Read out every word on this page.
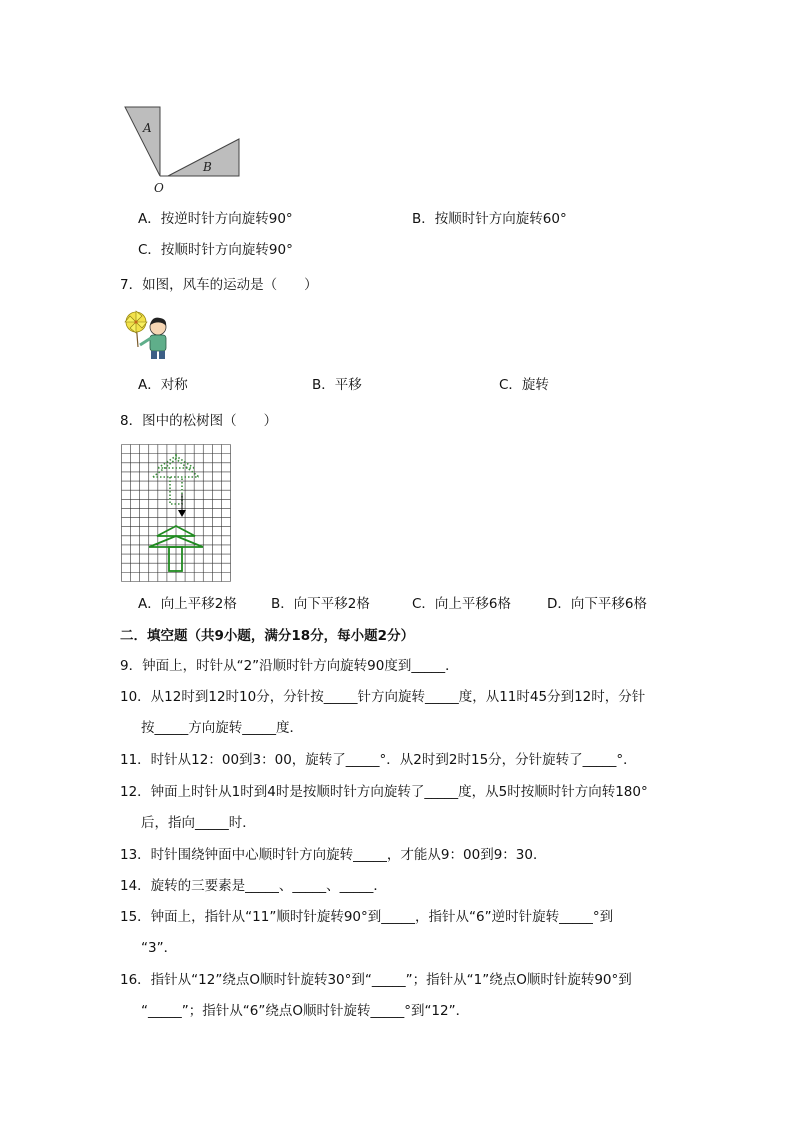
A
B
O
A．按逆时针方向旋转90°	B．按顺时针方向旋转60°
C．按顺时针方向旋转90°
7．如图，风车的运动是（　　）
A．对称	B．平移	C．旋转
8．图中的松树图（　　）
A．向上平移2格	B．向下平移2格	C．向上平移6格	D．向下平移6格
二．填空题（共9小题，满分18分，每小题2分）
9．钟面上，时针从“2”沿顺时针方向旋转90度到_____．
10．从12时到12时10分，分针按_____针方向旋转_____度，从11时45分到12时，分针
按_____方向旋转_____度．
11．时针从12：00到3：00，旋转了_____°．从2时到2时15分，分针旋转了_____°．
12．钟面上时针从1时到4时是按顺时针方向旋转了_____度，从5时按顺时针方向转180°
后，指向_____时．
13．时针围绕钟面中心顺时针方向旋转_____，才能从9：00到9：30．
14．旋转的三要素是_____、_____、_____．
15．钟面上，指针从“11”顺时针旋转90°到_____，指针从“6”逆时针旋转_____°到
“3”．
16．指针从“12”绕点O顺时针旋转30°到“_____”；指针从“1”绕点O顺时针旋转90°到
“_____”；指针从“6”绕点O顺时针旋转_____°到“12”．
